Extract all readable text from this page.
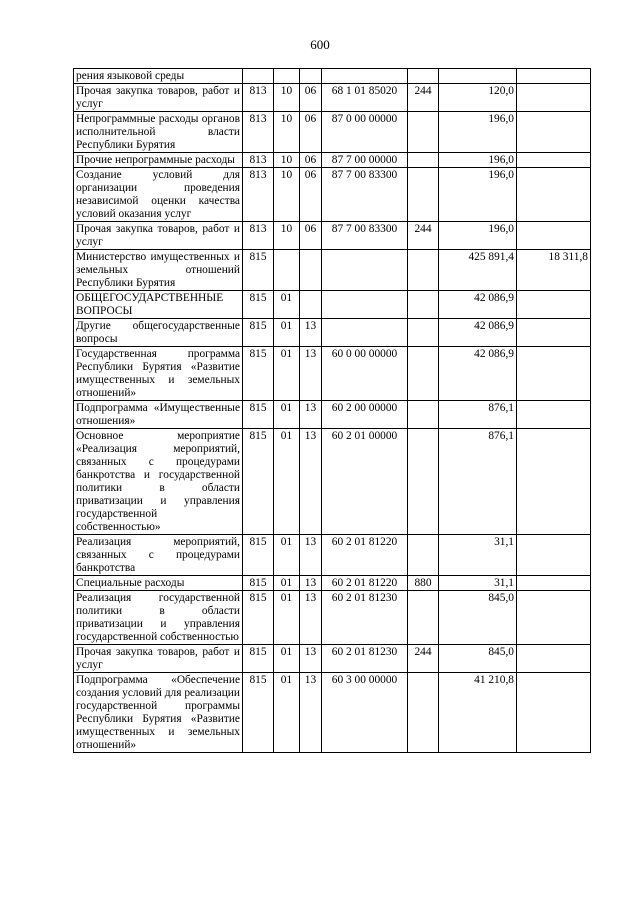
600
рения языковой среды							
Прочая закупка товаров, работ и услуг	813	10	06	68 1 01 85020	244	120,0	
Непрограммные расходы органов исполнительной власти Республики Бурятия	813	10	06	87 0 00 00000		196,0	
Прочие непрограммные расходы	813	10	06	87 7 00 00000		196,0	
Создание условий для организации проведения независимой оценки качества условий оказания услуг	813	10	06	87 7 00 83300		196,0	
Прочая закупка товаров, работ и услуг	813	10	06	87 7 00 83300	244	196,0	
Министерство имущественных и земельных отношений Республики Бурятия	815					425 891,4	18 311,8
ОБЩЕГОСУДАРСТВЕННЫЕ ВОПРОСЫ	815	01				42 086,9	
Другие общегосударственные вопросы	815	01	13			42 086,9	
Государственная программа Республики Бурятия «Развитие имущественных и земельных отношений»	815	01	13	60 0 00 00000		42 086,9	
Подпрограмма «Имущественные отношения»	815	01	13	60 2 00 00000		876,1	
Основное мероприятие «Реализация мероприятий, связанных с процедурами банкротства и государственной политики в области приватизации и управления государственной собственностью»	815	01	13	60 2 01 00000		876,1	
Реализация мероприятий, связанных с процедурами банкротства	815	01	13	60 2 01 81220		31,1	
Специальные расходы	815	01	13	60 2 01 81220	880	31,1	
Реализация государственной политики в области приватизации и управления государственной собственностью	815	01	13	60 2 01 81230		845,0	
Прочая закупка товаров, работ и услуг	815	01	13	60 2 01 81230	244	845,0	
Подпрограмма «Обеспечение создания условий для реализации государственной программы Республики Бурятия «Развитие имущественных и земельных отношений»	815	01	13	60 3 00 00000		41 210,8	
